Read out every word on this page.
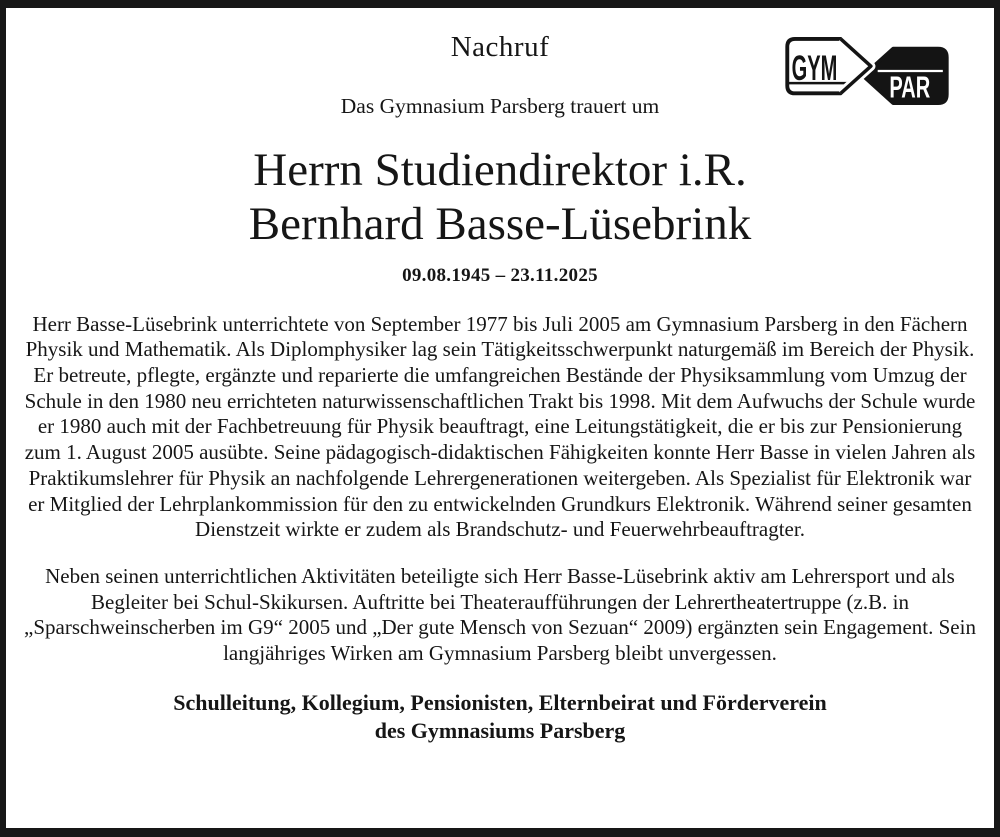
GYM
PAR
Nachruf
Das Gymnasium Parsberg trauert um
Herrn Studiendirektor i.R.
Bernhard Basse-Lüsebrink
09.08.1945 – 23.11.2025

Herr Basse-Lüsebrink unterrichtete von September 1977 bis Juli 2005 am Gymnasium Parsberg in den Fächern Physik und Mathematik. Als Diplomphysiker lag sein Tätigkeitsschwerpunkt naturgemäß im Bereich der Physik. Er betreute, pflegte, ergänzte und reparierte die umfangreichen Bestände der Physiksammlung vom Umzug der Schule in den 1980 neu errichteten naturwissenschaftlichen Trakt bis 1998. Mit dem Aufwuchs der Schule wurde er 1980 auch mit der Fachbetreuung für Physik beauftragt, eine Leitungstätigkeit, die er bis zur Pensionierung zum 1. August 2005 ausübte. Seine pädagogisch-didaktischen Fähigkeiten konnte Herr Basse in vielen Jahren als Praktikumslehrer für Physik an nachfolgende Lehrergenerationen weitergeben. Als Spezialist für Elektronik war er Mitglied der Lehrplankommission für den zu entwickelnden Grundkurs Elektronik. Während seiner gesamten Dienstzeit wirkte er zudem als Brandschutz- und Feuerwehrbeauftragter.

Neben seinen unterrichtlichen Aktivitäten beteiligte sich Herr Basse-Lüsebrink aktiv am Lehrersport und als Begleiter bei Schul-Skikursen. Auftritte bei Theateraufführungen der Lehrertheatertruppe (z.B. in „Sparschweinscherben im G9“ 2005 und „Der gute Mensch von Sezuan“ 2009) ergänzten sein Engagement. Sein langjähriges Wirken am Gymnasium Parsberg bleibt unvergessen.

Schulleitung, Kollegium, Pensionisten, Elternbeirat und Förderverein
des Gymnasiums Parsberg
